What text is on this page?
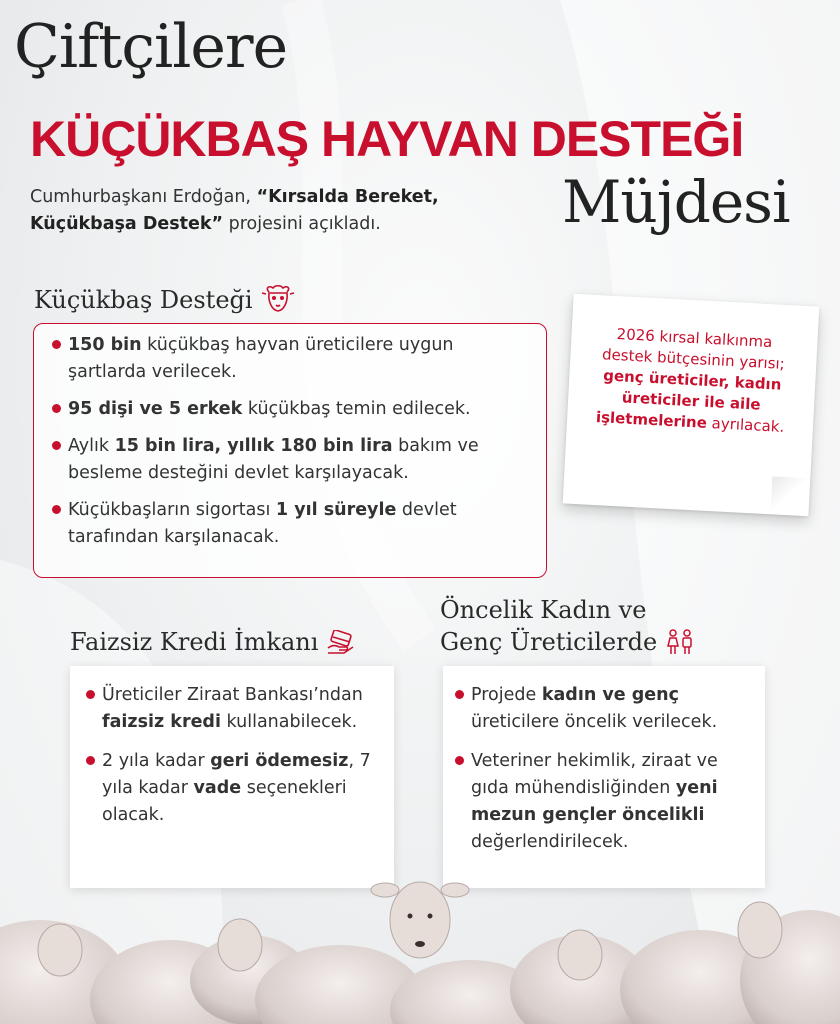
Çiftçilere
KÜÇÜKBAŞ HAYVAN DESTEĞİ
Müjdesi
Cumhurbaşkanı Erdoğan, “Kırsalda Bereket, Küçükbaşa Destek” projesini açıkladı.
Küçükbaş Desteği
150 bin küçükbaş hayvan üreticilere uygun şartlarda verilecek.
95 dişi ve 5 erkek küçükbaş temin edilecek.
Aylık 15 bin lira, yıllık 180 bin lira bakım ve besleme desteğini devlet karşılayacak.
Küçükbaşların sigortası 1 yıl süreyle devlet tarafından karşılanacak.
2026 kırsal kalkınma destek bütçesinin yarısı; genç üreticiler, kadın üreticiler ile aile işletmelerine ayrılacak.
Faizsiz Kredi İmkanı
Üreticiler Ziraat Bankası’ndan faizsiz kredi kullanabilecek.
2 yıla kadar geri ödemesiz, 7 yıla kadar vade seçenekleri olacak.
Öncelik Kadın ve
Genç Üreticilerde
Projede kadın ve genç üreticilere öncelik verilecek.
Veteriner hekimlik, ziraat ve gıda mühendisliğinden yeni mezun gençler öncelikli değerlendirilecek.
